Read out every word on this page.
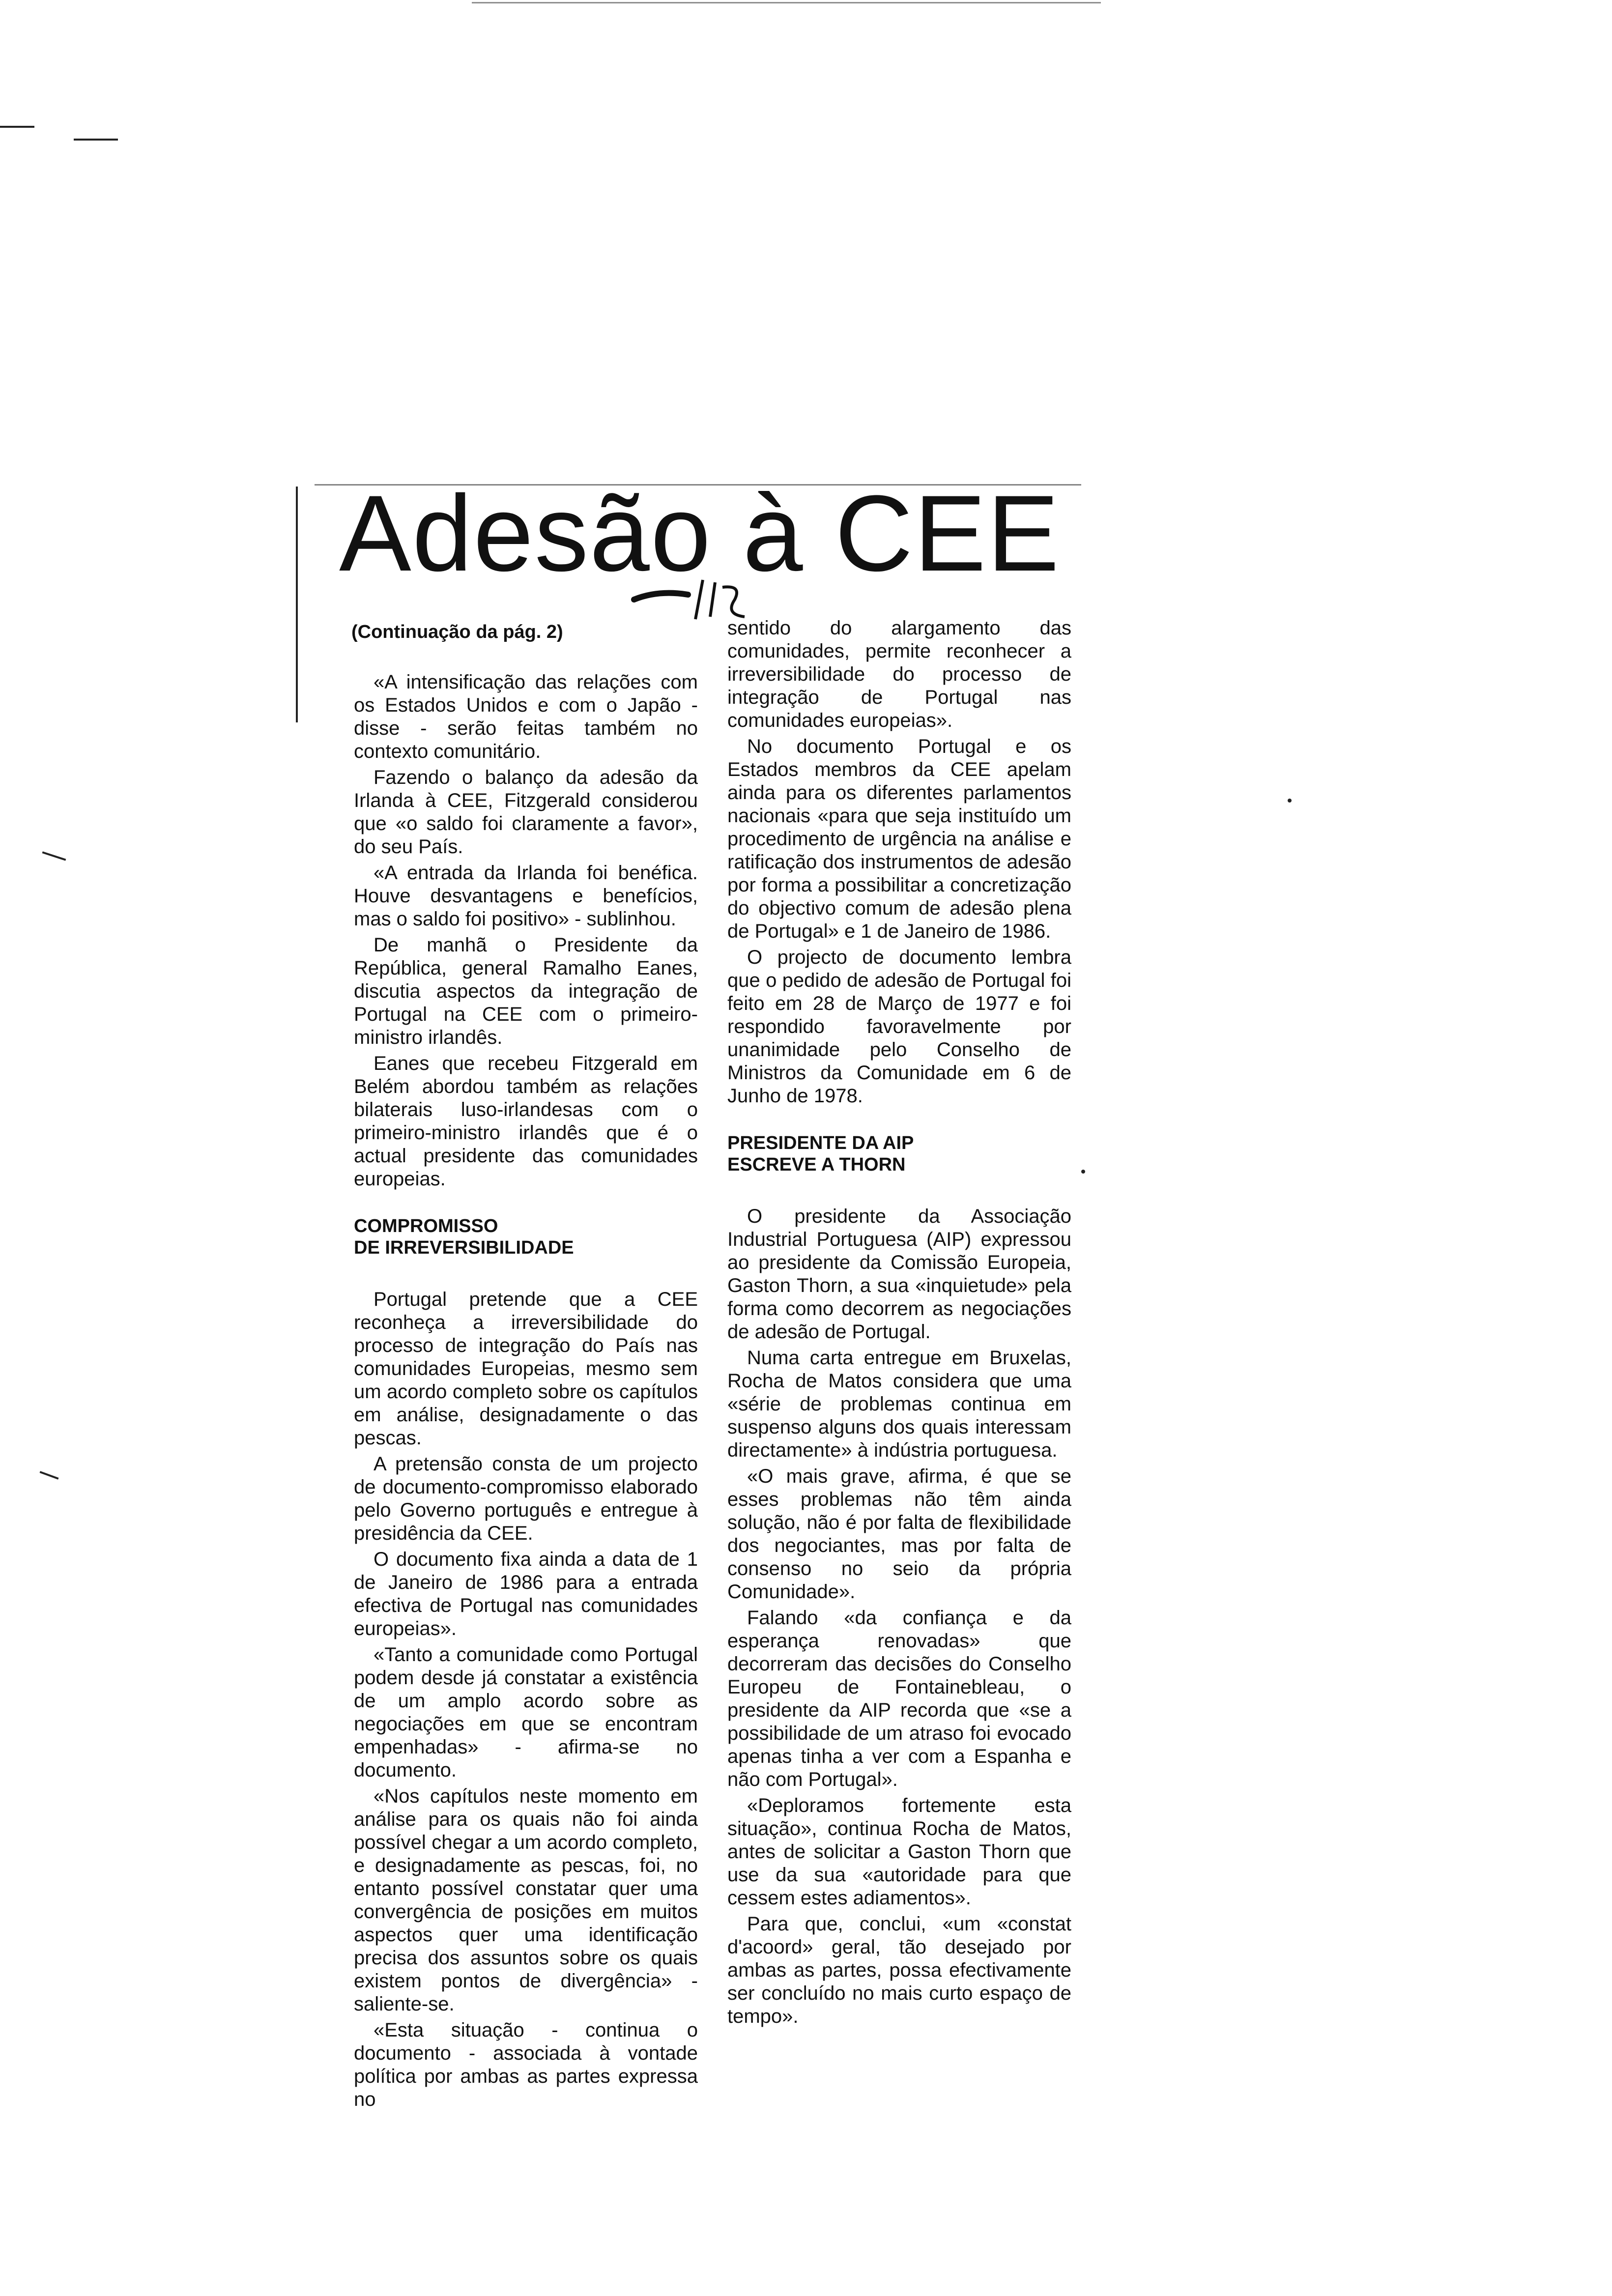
Adesão à CEE

(Continuação da pág. 2)

«A intensificação das relações com os Estados Unidos e com o Japão - disse - serão feitas também no contexto comunitário.

Fazendo o balanço da adesão da Irlanda à CEE, Fitzgerald considerou que «o saldo foi claramente a favor», do seu País.

«A entrada da Irlanda foi benéfica. Houve desvantagens e benefícios, mas o saldo foi positivo» - sublinhou.

De manhã o Presidente da República, general Ramalho Eanes, discutia aspectos da integração de Portugal na CEE com o primeiro-ministro irlandês.

Eanes que recebeu Fitzgerald em Belém abordou também as relações bilaterais luso-irlandesas com o primeiro-ministro irlandês que é o actual presidente das comunidades europeias.

COMPROMISSO
DE IRREVERSIBILIDADE

Portugal pretende que a CEE reconheça a irreversibilidade do processo de integração do País nas comunidades Europeias, mesmo sem um acordo completo sobre os capítulos em análise, designadamente o das pescas.

A pretensão consta de um projecto de documento-compromisso elaborado pelo Governo português e entregue à presidência da CEE.

O documento fixa ainda a data de 1 de Janeiro de 1986 para a entrada efectiva de Portugal nas comunidades europeias».

«Tanto a comunidade como Portugal podem desde já constatar a existência de um amplo acordo sobre as negociações em que se encontram empenhadas» - afirma-se no documento.

«Nos capítulos neste momento em análise para os quais não foi ainda possível chegar a um acordo completo, e designadamente as pescas, foi, no entanto possível constatar quer uma convergência de posições em muitos aspectos quer uma identificação precisa dos assuntos sobre os quais existem pontos de divergência» - saliente-se.

«Esta situação - continua o documento - associada à vontade política por ambas as partes expressa no

sentido do alargamento das comunidades, permite reconhecer a irreversibilidade do processo de integração de Portugal nas comunidades europeias».

No documento Portugal e os Estados membros da CEE apelam ainda para os diferentes parlamentos nacionais «para que seja instituído um procedimento de urgência na análise e ratificação dos instrumentos de adesão por forma a possibilitar a concretização do objectivo comum de adesão plena de Portugal» e 1 de Janeiro de 1986.

O projecto de documento lembra que o pedido de adesão de Portugal foi feito em 28 de Março de 1977 e foi respondido favoravelmente por unanimidade pelo Conselho de Ministros da Comunidade em 6 de Junho de 1978.

PRESIDENTE DA AIP
ESCREVE A THORN

O presidente da Associação Industrial Portuguesa (AIP) expressou ao presidente da Comissão Europeia, Gaston Thorn, a sua «inquietude» pela forma como decorrem as negociações de adesão de Portugal.

Numa carta entregue em Bruxelas, Rocha de Matos considera que uma «série de problemas continua em suspenso alguns dos quais interessam directamente» à indústria portuguesa.

«O mais grave, afirma, é que se esses problemas não têm ainda solução, não é por falta de flexibilidade dos negociantes, mas por falta de consenso no seio da própria Comunidade».

Falando «da confiança e da esperança renovadas» que decorreram das decisões do Conselho Europeu de Fontainebleau, o presidente da AIP recorda que «se a possibilidade de um atraso foi evocado apenas tinha a ver com a Espanha e não com Portugal».

«Deploramos fortemente esta situação», continua Rocha de Matos, antes de solicitar a Gaston Thorn que use da sua «autoridade para que cessem estes adiamentos».

Para que, conclui, «um «constat d'acoord» geral, tão desejado por ambas as partes, possa efectivamente ser concluído no mais curto espaço de tempo».
